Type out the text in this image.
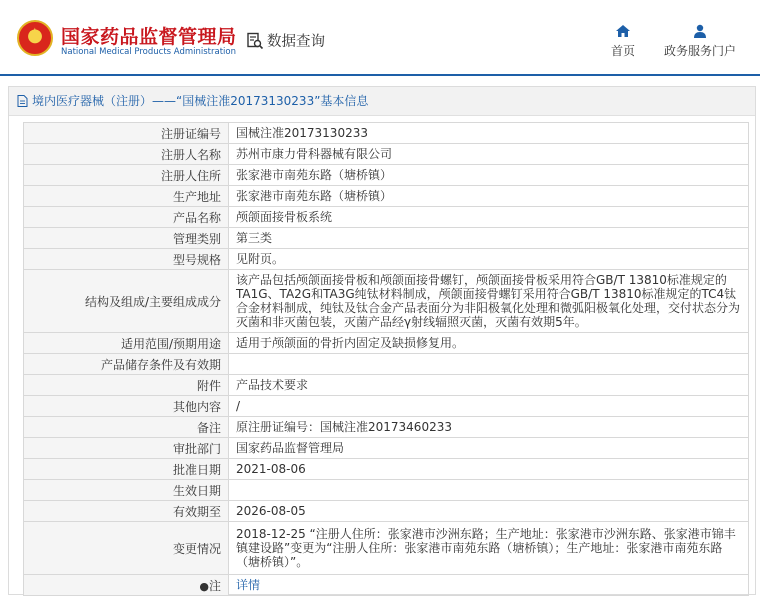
★
国家药品监督管理局
National Medical Products Administration
数据查询
首页	政务服务门户
境内医疗器械（注册）——“国械注准20173130233”基本信息
注册证编号	国械注准20173130233
注册人名称	苏州市康力骨科器械有限公司
注册人住所	张家港市南苑东路（塘桥镇）
生产地址	张家港市南苑东路（塘桥镇）
产品名称	颅颌面接骨板系统
管理类别	第三类
型号规格	见附页。
结构及组成/主要组成成分	该产品包括颅颌面接骨板和颅颌面接骨螺钉，颅颌面接骨板采用符合GB/T 13810标准规定的TA1G、TA2G和TA3G纯钛材料制成，颅颌面接骨螺钉采用符合GB/T 13810标准规定的TC4钛合金材料制成，纯钛及钛合金产品表面分为非阳极氧化处理和微弧阳极氧化处理，交付状态分为灭菌和非灭菌包装，灭菌产品经γ射线辐照灭菌，灭菌有效期5年。
适用范围/预期用途	适用于颅颌面的骨折内固定及缺损修复用。
产品储存条件及有效期	
附件	产品技术要求
其他内容	/
备注	原注册证编号：国械注准20173460233
审批部门	国家药品监督管理局
批准日期	2021-08-06
生效日期	
有效期至	2026-08-05
变更情况	2018-12-25 “注册人住所：张家港市沙洲东路；生产地址：张家港市沙洲东路、张家港市锦丰镇建设路”变更为“注册人住所：张家港市南苑东路（塘桥镇）；生产地址：张家港市南苑东路（塘桥镇）”。
●注	详情
